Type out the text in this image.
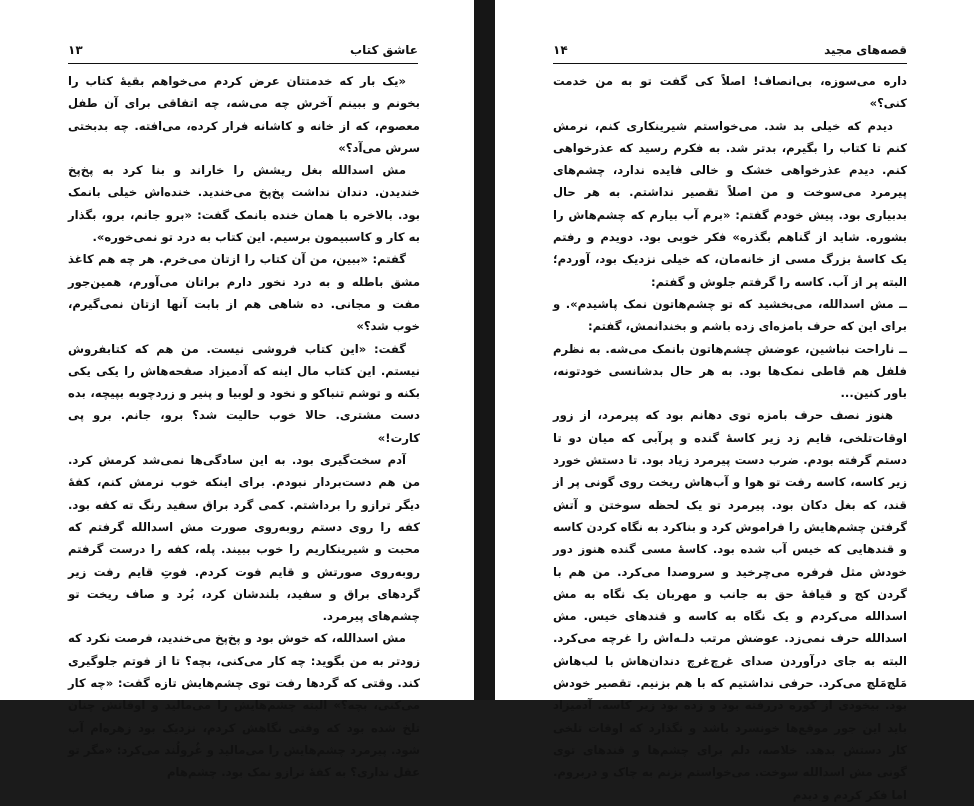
عاشق کتاب
۱۳

«یک بار که خدمتتان عرض کردم می‌خواهم بقیهٔ کتاب را بخونم و ببینم آخرش چه می‌شه، چه اتفاقی برای آن طفل معصوم، که از خانه و کاشانه فرار کرده، می‌افته. چه بدبختی سرش می‌آد؟»

مش اسدالله بغل ریشش را خاراند و بنا کرد به پخ‌پخ خندیدن. دندان نداشت پخ‌پخ می‌خندید. خنده‌اش خیلی بانمک بود. بالاخره با همان خنده بانمک گفت: «برو جانم، برو، بگذار به کار و کاسبیمون برسیم. این کتاب به درد تو نمی‌خوره».

گفتم: «ببین، من آن کتاب را ازتان می‌خرم. هر چه هم کاغذ مشق باطله و به درد نخور دارم براتان می‌آورم، همین‌جور مفت و مجانی. ده شاهی هم از بابت آنها ازتان نمی‌گیرم، خوب شد؟»

گفت: «این کتاب فروشی نیست. من هم که کتابفروش نیستم. این کتاب مال اینه که آدمیزاد صفحه‌هاش را یکی یکی بکنه و توشم تنباکو و نخود و لوبیا و پنیر و زردچوبه بپیچه، بده دست مشتری. حالا خوب حالیت شد؟ برو، جانم. برو پی کارت!»

آدم سخت‌گیری بود. به این سادگی‌ها نمی‌شد کرمش کرد. من هم دست‌بردار نبودم. برای اینکه خوب نرمش کنم، کفهٔ دیگر ترازو را برداشتم. کمی گرد براق سفید رنگ ته کفه بود. کفه را روی دستم روبه‌روی صورت مش اسدالله گرفتم که محبت و شیرینکاریم را خوب ببیند. پله، کفه را درست گرفتم روبه‌روی صورتش و قایم فوت کردم. فوتِ قایم رفت زیر گردهای براق و سفید، بلندشان کرد، بُرد و صاف ریخت تو چشم‌های پیرمرد.

مش اسدالله، که خوش بود و پخ‌پخ می‌خندید، فرصت نکرد که زودتر به من بگوید: چه کار می‌کنی، بچه؟ تا از فوتم جلوگیری کند. وقتی که گردها رفت توی چشم‌هایش تازه گفت: «چه کار می‌کنی، بچه؟» البته چشم‌هایش را می‌مالید و اوقاتش چنان تلخ شده بود که وقتی نگاهش کردم، نزدیک بود زهره‌ام آب شود. پیرمرد چشم‌هایش را می‌مالید و غُرولُند می‌کرد: «مگر تو عقل نداری؟ به کفهٔ ترازو نمک بود. چشم‌هام

قصه‌های مجید
۱۴

داره می‌سوزه، بی‌انصاف! اصلاً کی گفت تو به من خدمت کنی؟»

دیدم که خیلی بد شد. می‌خواستم شیرینکاری کنم، نرمش کنم تا کتاب را بگیرم، بدتر شد. به فکرم رسید که عذرخواهی کنم. دیدم عذرخواهی خشک و خالی فایده ندارد، چشم‌های پیرمرد می‌سوخت و من اصلاً تقصیر نداشتم. به هر حال بدبیاری بود. پیش خودم گفتم: «برم آب بیارم که چشم‌هاش را بشوره. شاید از گناهم بگذره» فکر خوبی بود. دویدم و رفتم یک کاسهٔ بزرگ مسی از خانه‌مان، که خیلی نزدیک بود، آوردم؛ البته پر از آب. کاسه را گرفتم جلوش و گفتم:

ــ مش اسدالله، می‌بخشید که تو چشم‌هاتون نمک پاشیدم». و برای این که حرف بامزه‌ای زده باشم و بخندانمش، گفتم:

ــ ناراحت نباشین، عوضش چشم‌هاتون بانمک می‌شه. به نظرم فلفل هم قاطی نمک‌ها بود. به هر حال بدشانسی خودتونه، باور کنین...

هنوز نصف حرف بامزه توی دهانم بود که پیرمرد، از زور اوقات‌تلخی، قایم زد زیر کاسهٔ گنده و پرآبی که میان دو تا دستم گرفته بودم. ضرب دست پیرمرد زیاد بود. تا دستش خورد زیر کاسه، کاسه رفت تو هوا و آب‌هاش ریخت روی گونی پر از قند، که بغل دکان بود. پیرمرد تو یک لحظه سوختن و آتش گرفتن چشم‌هایش را فراموش کرد و بناکرد به نگاه کردن کاسه و قندهایی که خیس آب شده بود. کاسهٔ مسی گنده هنوز دور خودش مثل فرفره می‌چرخید و سروصدا می‌کرد. من هم با گردن کج و قیافهٔ حق به جانب و مهربان یک نگاه به مش اسدالله می‌کردم و یک نگاه به کاسه و قندهای خیس. مش اسدالله حرف نمی‌زد. عوضش مرتب دلـه‌اش را غرچه می‌کرد. البته به جای درآوردن صدای غرچ‌غرچ دندان‌هاش با لب‌هاش مَلچ‌مَلچ می‌کرد. حرفی نداشتیم که با هم بزنیم. تقصیر خودش بود. بیخودی از کوره دررفته بود و زده بود زیر کاسه. آدمیزاد باید این جور موقع‌ها خونسرد باشد و نگذارد که اوقات تلخی کار دستش بدهد. خلاصه، دلم برای چشم‌ها و قندهای توی گونی مش اسدالله سوخت. می‌خواستم بزنم به چاک و دربروم. اما فکر کردم و دیدم
